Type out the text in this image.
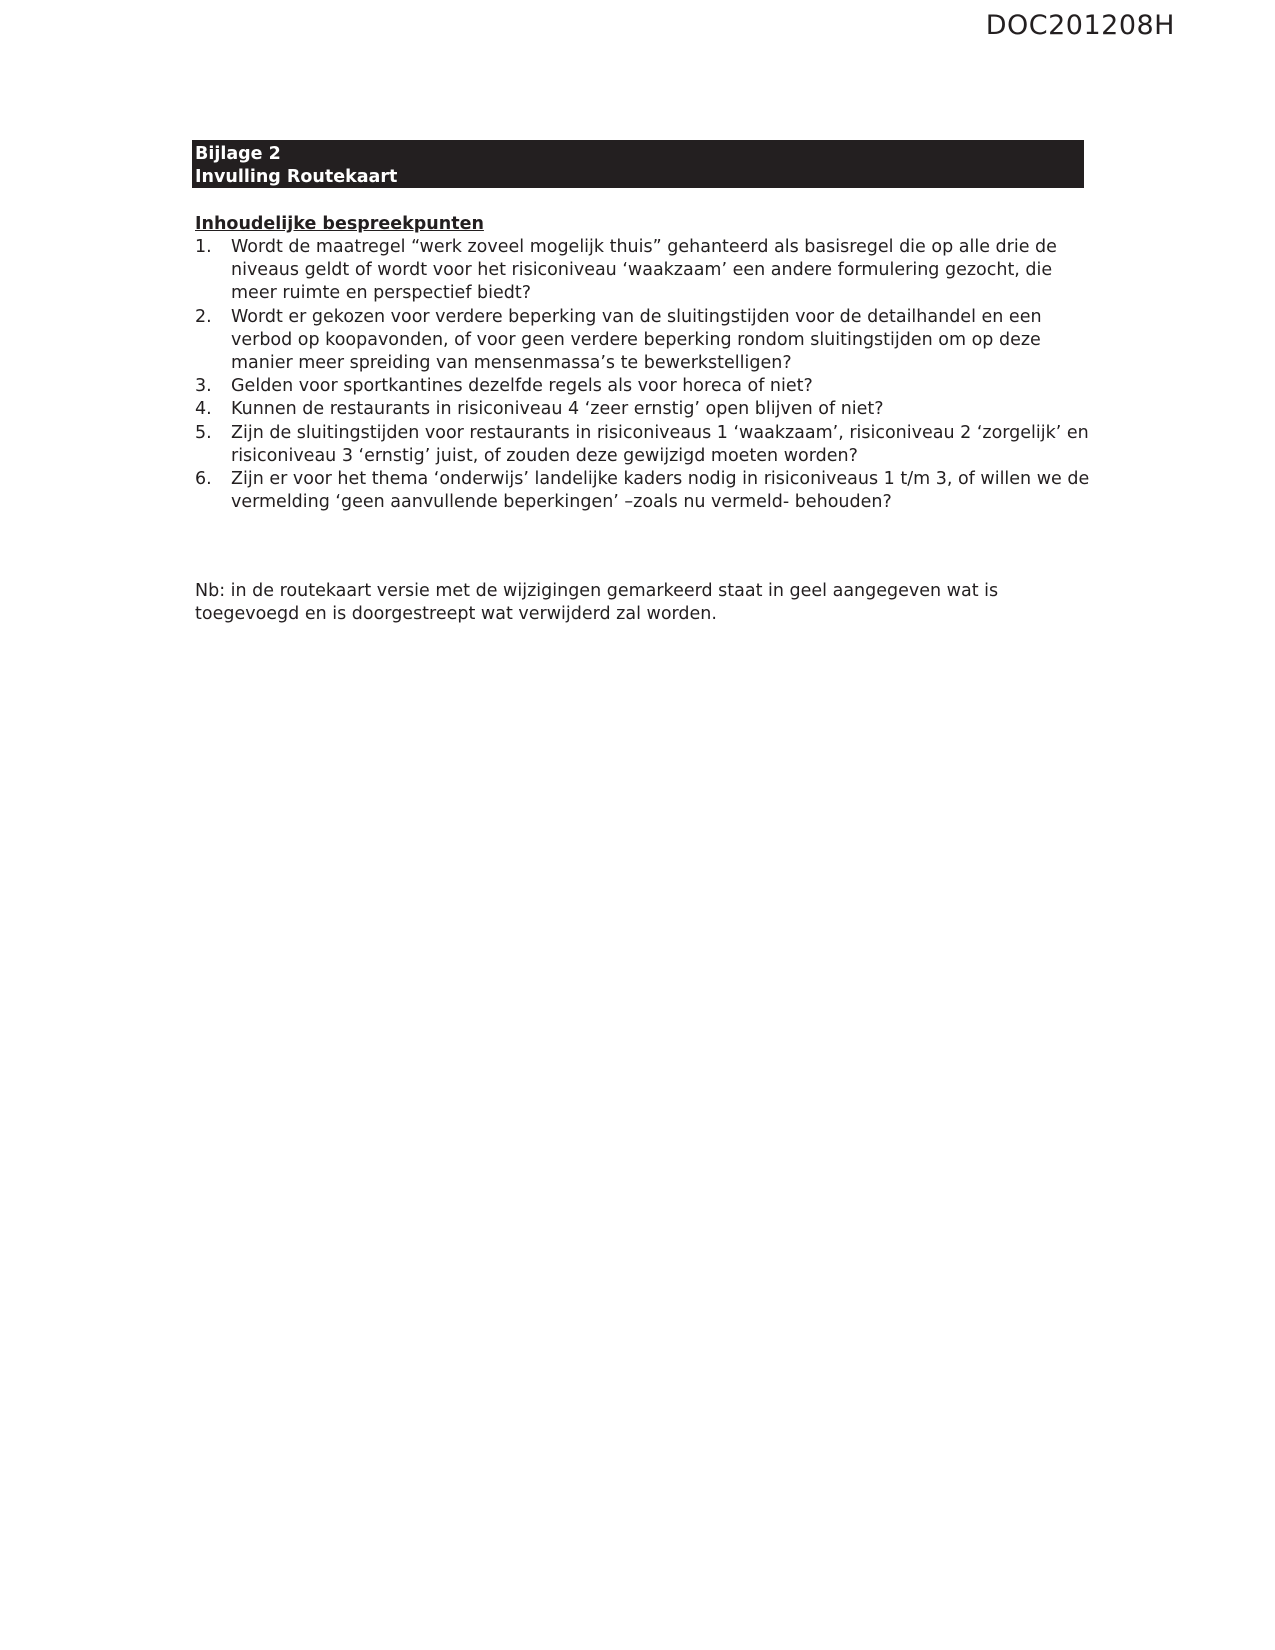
DOC201208H
Bijlage 2
Invulling Routekaart

Inhoudelijke bespreekpunten

1.	Wordt de maatregel “werk zoveel mogelijk thuis” gehanteerd als basisregel die op alle drie de niveaus geldt of wordt voor het risiconiveau ‘waakzaam’ een andere formulering gezocht, die meer ruimte en perspectief biedt?
2.	Wordt er gekozen voor verdere beperking van de sluitingstijden voor de detailhandel en een verbod op koopavonden, of voor geen verdere beperking rondom sluitingstijden om op deze manier meer spreiding van mensenmassa’s te bewerkstelligen?
3.	Gelden voor sportkantines dezelfde regels als voor horeca of niet?
4.	Kunnen de restaurants in risiconiveau 4 ‘zeer ernstig’ open blijven of niet?
5.	Zijn de sluitingstijden voor restaurants in risiconiveaus 1 ‘waakzaam’, risiconiveau 2 ‘zorgelijk’ en risiconiveau 3 ‘ernstig’ juist, of zouden deze gewijzigd moeten worden?
6.	Zijn er voor het thema ‘onderwijs’ landelijke kaders nodig in risiconiveaus 1 t/m 3, of willen we de vermelding ‘geen aanvullende beperkingen’ –zoals nu vermeld- behouden?

Nb: in de routekaart versie met de wijzigingen gemarkeerd staat in geel aangegeven wat is toegevoegd en is doorgestreept wat verwijderd zal worden.
